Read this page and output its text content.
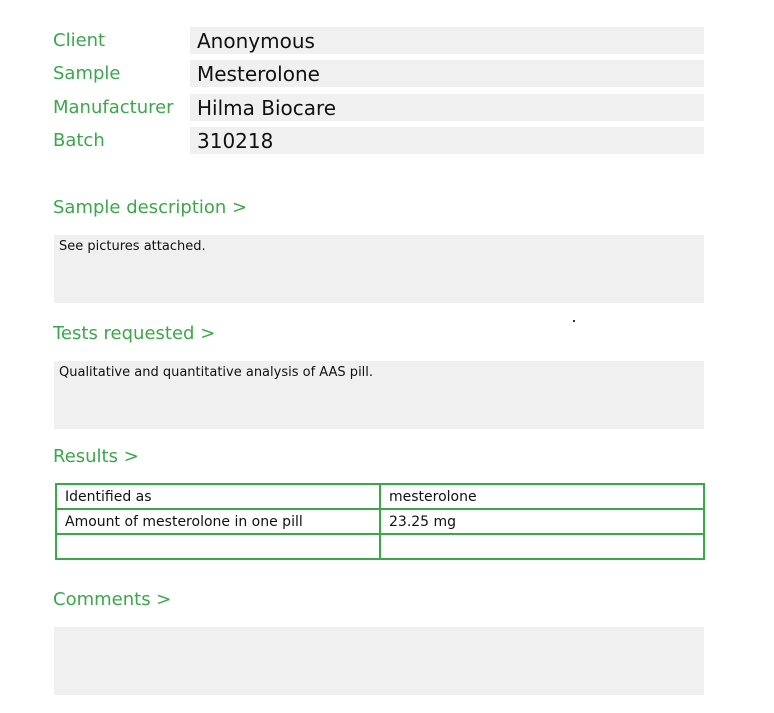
Client	Anonymous
Sample	Mesterolone
Manufacturer	Hilma Biocare
Batch	310218
Sample description >
See pictures attached.
Tests requested >
Qualitative and quantitative analysis of AAS pill.
Results >
Identified as	mesterolone
Amount of mesterolone in one pill	23.25 mg

Comments >
